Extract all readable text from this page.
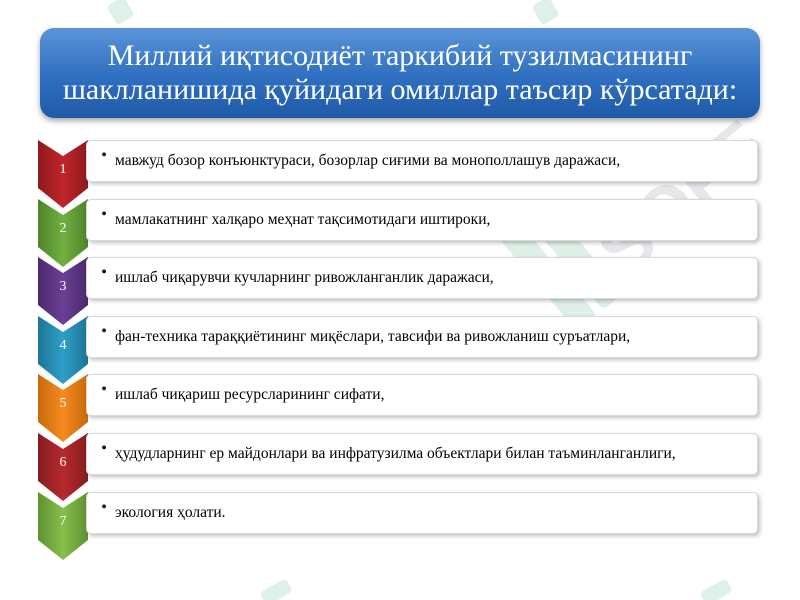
Миллий иқтисодиёт таркибий тузилмасининг шаклланишида қуйидаги омиллар таъсир кўрсатади:
1
• мавжуд бозор конъюнктураси, бозорлар сиғими ва монополлашув даражаси,
2
• мамлакатнинг халқаро меҳнат тақсимотидаги иштироки,
3
• ишлаб чиқарувчи кучларнинг ривожланганлик даражаси,
4
• фан-техника тараққиётининг миқёслари, тавсифи ва ривожланиш суръатлари,
5
• ишлаб чиқариш ресурсларининг сифати,
6
• ҳудудларнинг ер майдонлари ва инфратузилма объектлари билан таъминланганлиги,
7
• экология ҳолати.
